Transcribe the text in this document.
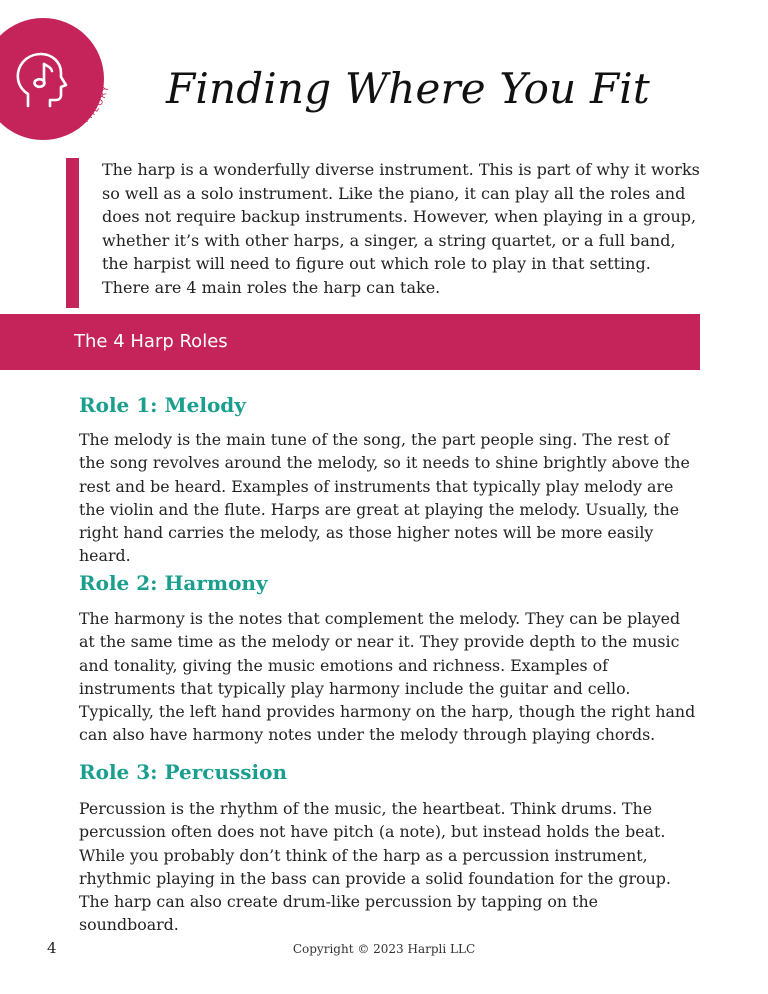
MUSIC THEORY Finding Where You Fit

The harp is a wonderfully diverse instrument. This is part of why it works so well as a solo instrument. Like the piano, it can play all the roles and does not require backup instruments. However, when playing in a group, whether it’s with other harps, a singer, a string quartet, or a full band, the harpist will need to figure out which role to play in that setting. There are 4 main roles the harp can take.

The 4 Harp Roles
Role 1: Melody

The melody is the main tune of the song, the part people sing. The rest of the song revolves around the melody, so it needs to shine brightly above the rest and be heard. Examples of instruments that typically play melody are the violin and the flute. Harps are great at playing the melody. Usually, the right hand carries the melody, as those higher notes will be more easily heard.

Role 2: Harmony

The harmony is the notes that complement the melody. They can be played at the same time as the melody or near it. They provide depth to the music and tonality, giving the music emotions and richness. Examples of instruments that typically play harmony include the guitar and cello. Typically, the left hand provides harmony on the harp, though the right hand can also have harmony notes under the melody through playing chords.

Role 3: Percussion

Percussion is the rhythm of the music, the heartbeat. Think drums. The percussion often does not have pitch (a note), but instead holds the beat. While you probably don’t think of the harp as a percussion instrument, rhythmic playing in the bass can provide a solid foundation for the group. The harp can also create drum-like percussion by tapping on the soundboard.

4	Copyright © 2023 Harpli LLC
